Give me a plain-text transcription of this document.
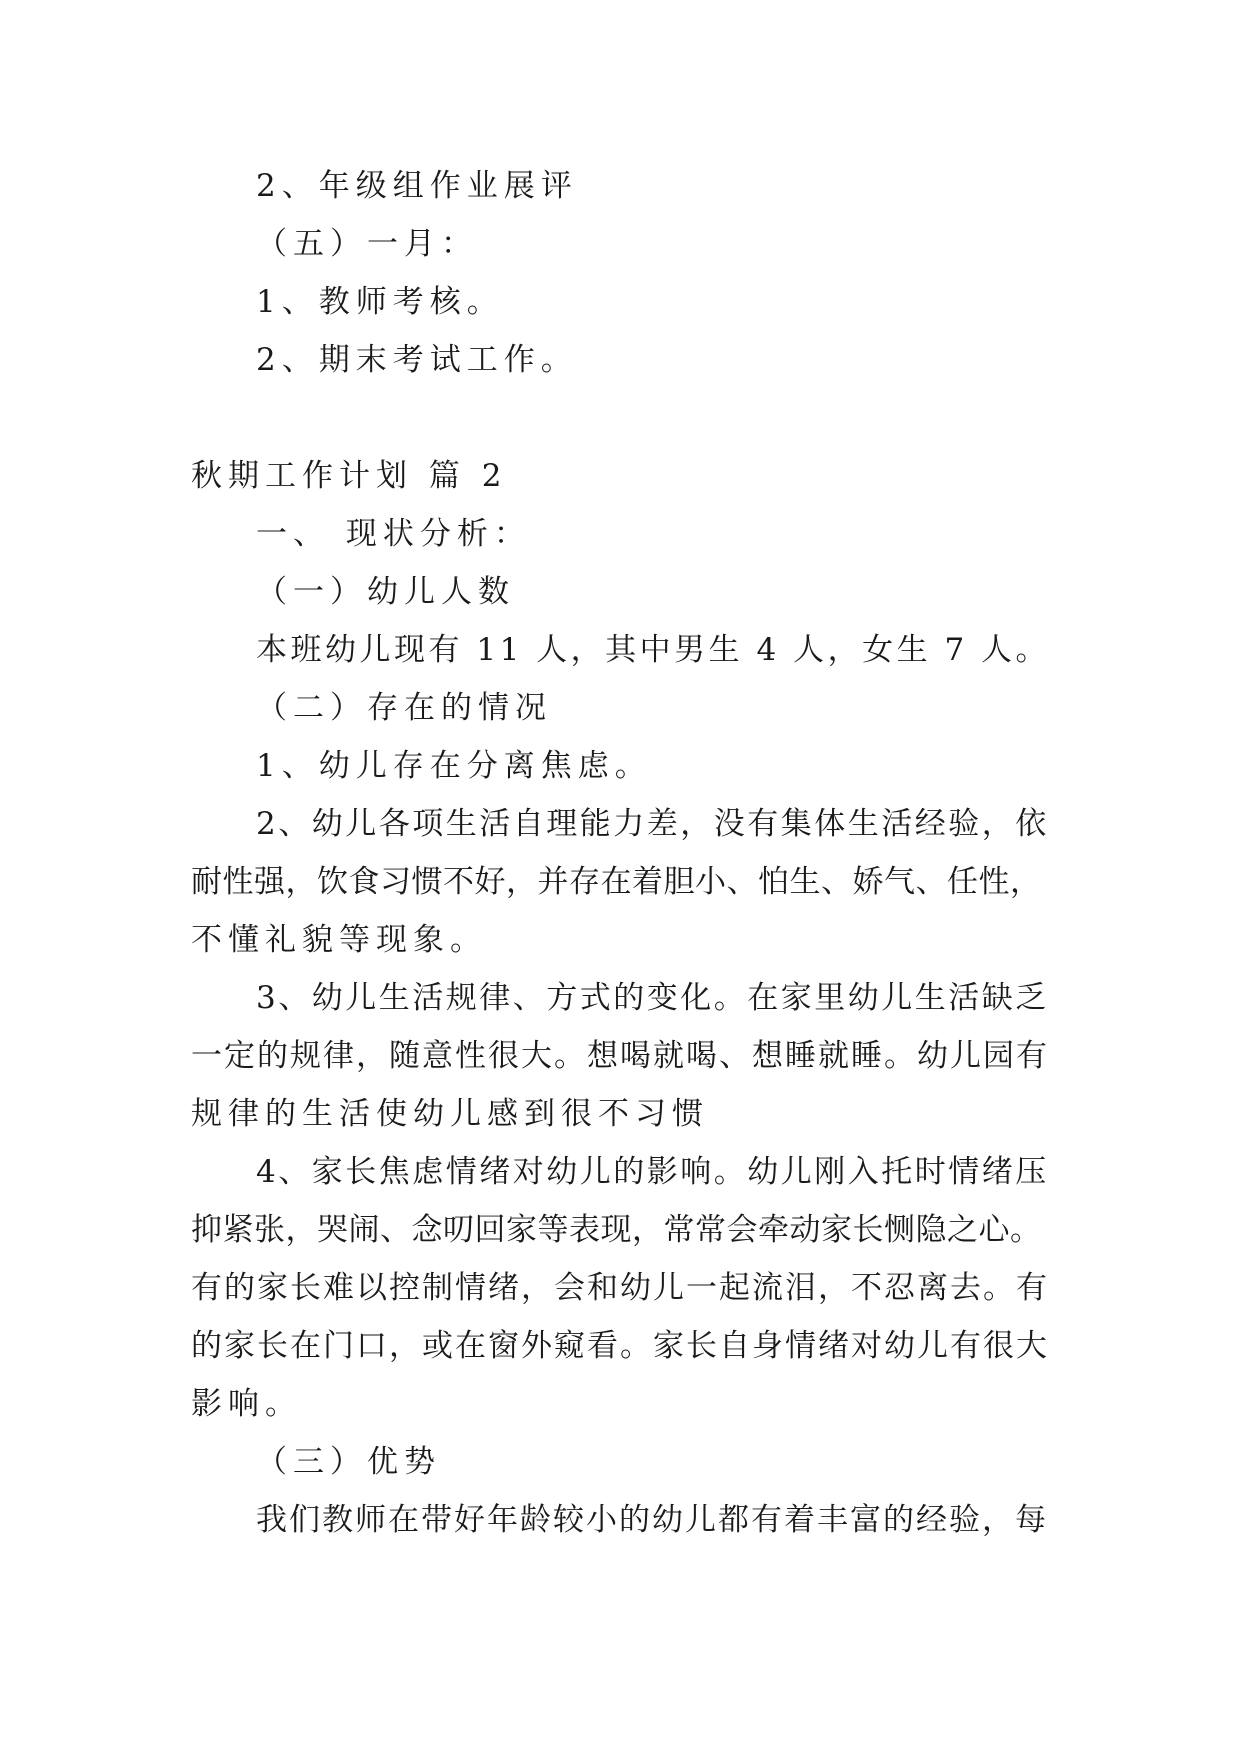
2、年级组作业展评
（五）一月：
1、教师考核。
2、期末考试工作。
秋期工作计划 篇 2
一、 现状分析：
（一）幼儿人数
本班幼儿现有 11 人，其中男生 4 人，女生 7 人。
（二）存在的情况
1、幼儿存在分离焦虑。
2、幼儿各项生活自理能力差，没有集体生活经验，依
耐性强，饮食习惯不好，并存在着胆小、怕生、娇气、任性，
不懂礼貌等现象。
3、幼儿生活规律、方式的变化。在家里幼儿生活缺乏
一定的规律，随意性很大。想喝就喝、想睡就睡。幼儿园有
规律的生活使幼儿感到很不习惯
4、家长焦虑情绪对幼儿的影响。幼儿刚入托时情绪压
抑紧张，哭闹、念叨回家等表现，常常会牵动家长恻隐之心。
有的家长难以控制情绪，会和幼儿一起流泪，不忍离去。有
的家长在门口，或在窗外窥看。家长自身情绪对幼儿有很大
影响。
（三）优势
我们教师在带好年龄较小的幼儿都有着丰富的经验，每
